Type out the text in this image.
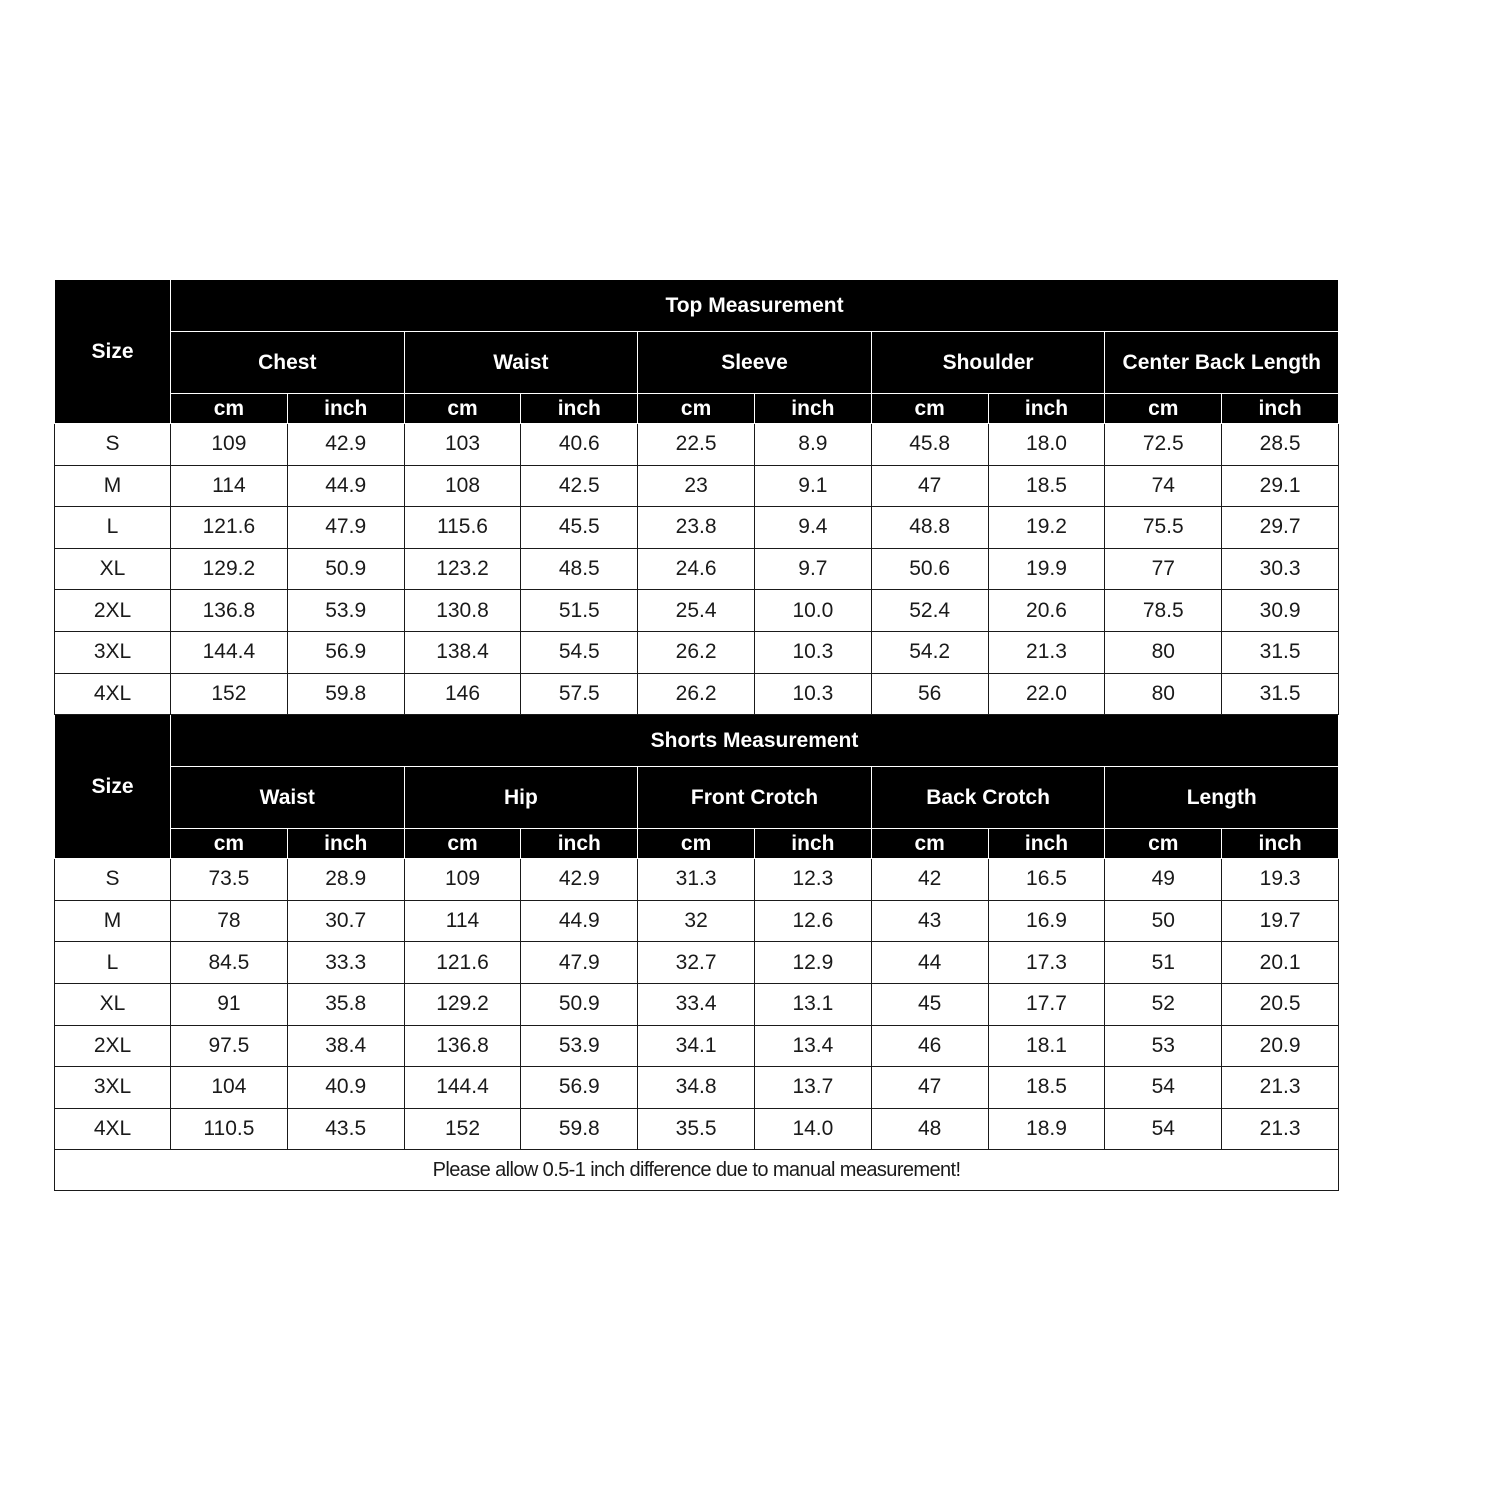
Size	Top Measurement									
	Chest		Waist		Sleeve		Shoulder		Center Back Length	
	cm	inch	cm	inch	cm	inch	cm	inch	cm	inch
S	109	42.9	103	40.6	22.5	8.9	45.8	18.0	72.5	28.5
M	114	44.9	108	42.5	23	9.1	47	18.5	74	29.1
L	121.6	47.9	115.6	45.5	23.8	9.4	48.8	19.2	75.5	29.7
XL	129.2	50.9	123.2	48.5	24.6	9.7	50.6	19.9	77	30.3
2XL	136.8	53.9	130.8	51.5	25.4	10.0	52.4	20.6	78.5	30.9
3XL	144.4	56.9	138.4	54.5	26.2	10.3	54.2	21.3	80	31.5
4XL	152	59.8	146	57.5	26.2	10.3	56	22.0	80	31.5
Size	Shorts Measurement									
	Waist		Hip		Front Crotch		Back Crotch		Length	
	cm	inch	cm	inch	cm	inch	cm	inch	cm	inch
S	73.5	28.9	109	42.9	31.3	12.3	42	16.5	49	19.3
M	78	30.7	114	44.9	32	12.6	43	16.9	50	19.7
L	84.5	33.3	121.6	47.9	32.7	12.9	44	17.3	51	20.1
XL	91	35.8	129.2	50.9	33.4	13.1	45	17.7	52	20.5
2XL	97.5	38.4	136.8	53.9	34.1	13.4	46	18.1	53	20.9
3XL	104	40.9	144.4	56.9	34.8	13.7	47	18.5	54	21.3
4XL	110.5	43.5	152	59.8	35.5	14.0	48	18.9	54	21.3
Please allow 0.5-1 inch difference due to manual measurement!										
